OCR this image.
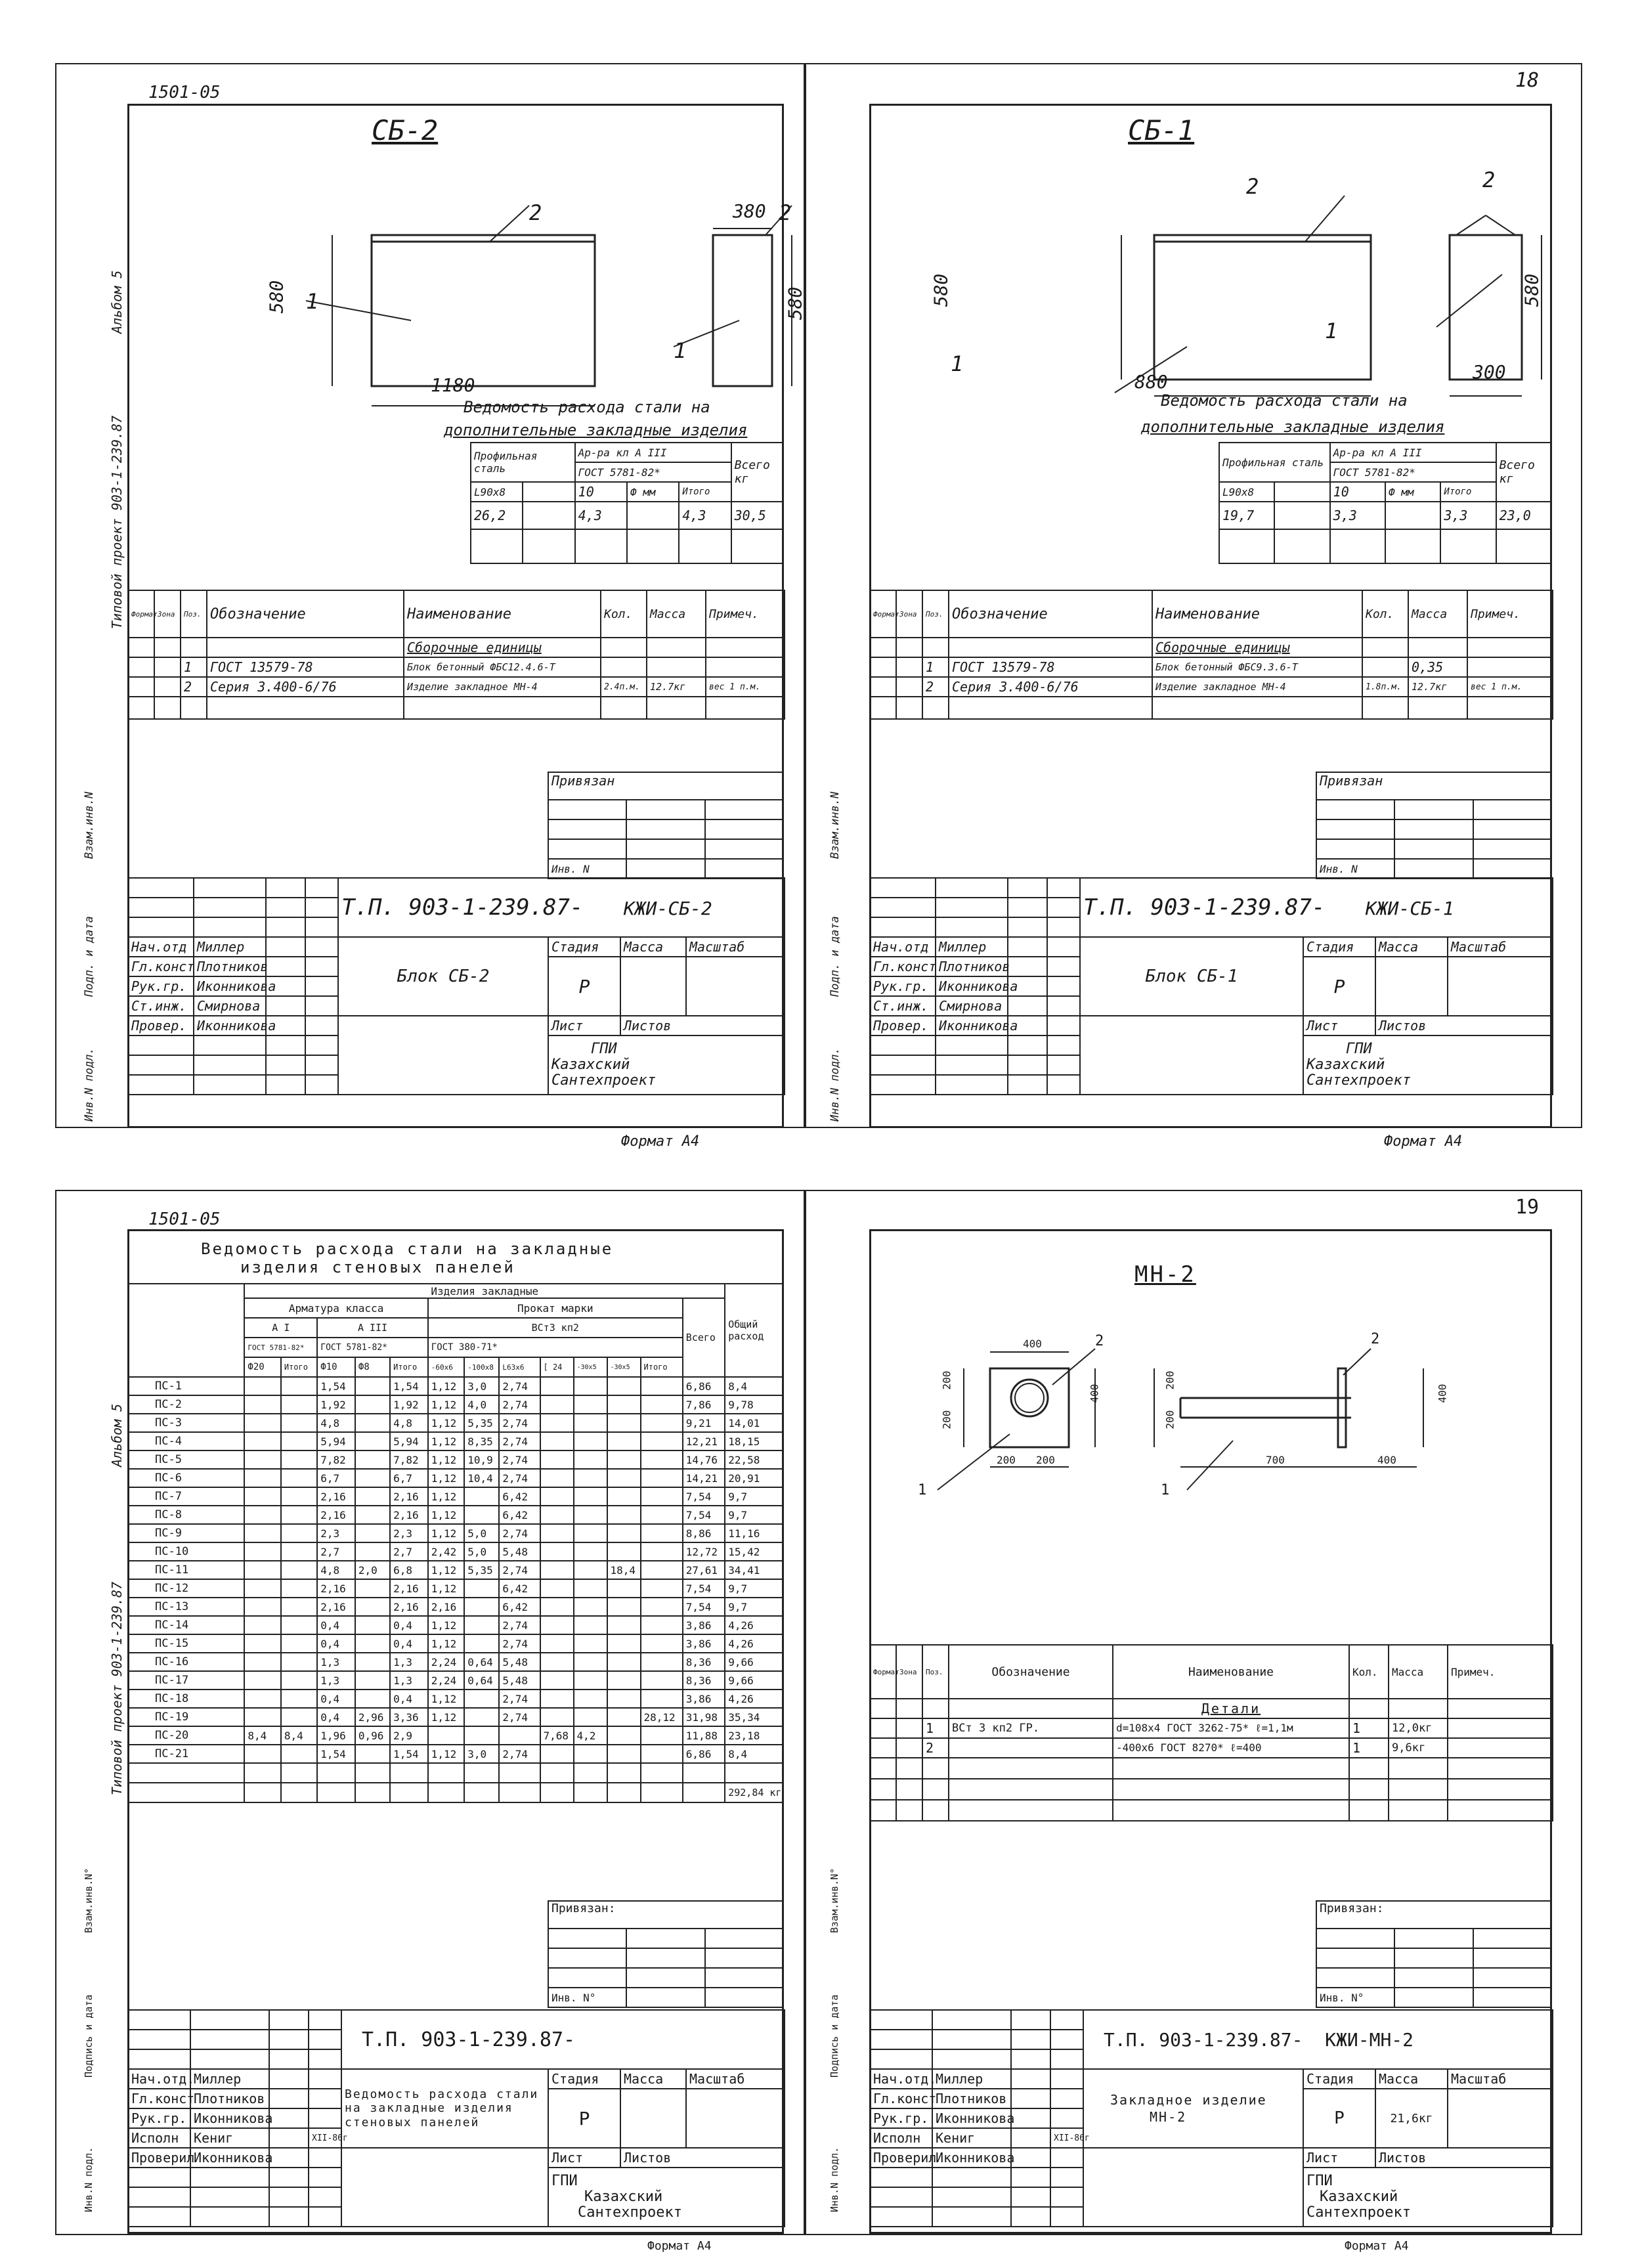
1501-05
Альбом 5
Типовой проект 903-1-239.87
СБ-2
580
380
580
1180
1
2
1
2
Ведомость расхода стали на
дополнительные закладные изделия
Профильная сталь		Ар-ра кл А III			Всего кг
		ГОСТ 5781-82*			
L90x8		10	Ф мм	Итого	
26,2		4,3		4,3	30,5

Формат	Зона	Поз.	Обозначение	Наименование	Кол.	Масса	Примеч.
				Сборочные единицы			
		1	ГОСТ 13579-78	Блок бетонный ФБС12.4.6-Т			
		2	Серия 3.400-6/76	Изделие закладное МН-4	2.4п.м.	12.7кг	вес 1 п.м.

Привязан		

Инв. N		
Взам.инв.N
Подп. и дата
Инв.N подл.
				Т.П. 903-1-239.87- КЖИ-СБ-2			

Нач.отд	Миллер			Блок СБ-2	Стадия	Масса	Масштаб
Гл.конст	Плотников				Р		
Рук.гр.	Иконникова						
Ст.инж.	Смирнова						
Провер.	Иконникова				Лист	Листов	

					ГПИ
Казахский
Сантехпроект		

Формат А4
18
СБ-1
580	580
880	300
1
2
1
2
Ведомость расхода стали на
дополнительные закладные изделия
Профильная сталь		Ар-ра кл А III			Всего кг
		ГОСТ 5781-82*			
L90x8		10	Ф мм	Итого	
19,7		3,3		3,3	23,0

Формат	Зона	Поз.	Обозначение	Наименование	Кол.	Масса	Примеч.
				Сборочные единицы			
		1	ГОСТ 13579-78	Блок бетонный ФБС9.3.6-Т		0,35	
		2	Серия 3.400-6/76	Изделие закладное МН-4	1.8п.м.	12.7кг	вес 1 п.м.

Привязан		

Инв. N		
Взам.инв.N
Подп. и дата
Инв.N подл.
				Т.П. 903-1-239.87- КЖИ-СБ-1			

Нач.отд	Миллер			Блок СБ-1	Стадия	Масса	Масштаб
Гл.конст	Плотников				Р		
Рук.гр.	Иконникова						
Ст.инж.	Смирнова						
Провер.	Иконникова				Лист	Листов	

					ГПИ
Казахский
Сантехпроект		

Формат А4
1501-05
Альбом 5
Типовой проект 903-1-239.87
Ведомость расхода стали на закладные
изделия стеновых панелей
	Изделия закладные													Общий расход
	Арматура класса					Прокат марки							Всего	
	А I		А III			ВСт3 кп2								
	ГОСТ 5781-82*		ГОСТ 5781-82*			ГОСТ 380-71*								
	Ф20	Итого	Ф10	Ф8	Итого	-60x6	-100x8	L63x6	[ 24	-30x5	-30x5	Итого		
ПС-1			1,54		1,54	1,12	3,0	2,74					6,86	8,4
ПС-2			1,92		1,92	1,12	4,0	2,74					7,86	9,78
ПС-3			4,8		4,8	1,12	5,35	2,74					9,21	14,01
ПС-4			5,94		5,94	1,12	8,35	2,74					12,21	18,15
ПС-5			7,82		7,82	1,12	10,9	2,74					14,76	22,58
ПС-6			6,7		6,7	1,12	10,4	2,74					14,21	20,91
ПС-7			2,16		2,16	1,12		6,42					7,54	9,7
ПС-8			2,16		2,16	1,12		6,42					7,54	9,7
ПС-9			2,3		2,3	1,12	5,0	2,74					8,86	11,16
ПС-10			2,7		2,7	2,42	5,0	5,48					12,72	15,42
ПС-11			4,8	2,0	6,8	1,12	5,35	2,74			18,4		27,61	34,41
ПС-12			2,16		2,16	1,12		6,42					7,54	9,7
ПС-13			2,16		2,16	2,16		6,42					7,54	9,7
ПС-14			0,4		0,4	1,12		2,74					3,86	4,26
ПС-15			0,4		0,4	1,12		2,74					3,86	4,26
ПС-16			1,3		1,3	2,24	0,64	5,48					8,36	9,66
ПС-17			1,3		1,3	2,24	0,64	5,48					8,36	9,66
ПС-18			0,4		0,4	1,12		2,74					3,86	4,26
ПС-19			0,4	2,96	3,36	1,12		2,74				28,12	31,98	35,34
ПС-20	8,4	8,4	1,96	0,96	2,9				7,68	4,2			11,88	23,18
ПС-21			1,54		1,54	1,12	3,0	2,74					6,86	8,4

														292,84 кг
Привязан:		

Инв. N°		
Взам.инв.N°
Подпись и дата
Инв.N подл.
				Т.П. 903-1-239.87-			

Нач.отд.	Миллер			Ведомость расхода стали
на закладные изделия
стеновых панелей	Стадия	Масса	Масштаб
Гл.конст	Плотников				Р		
Рук.гр.	Иконникова						
Исполн	Кениг		XII-86г				
Проверил	Иконникова				Лист	Листов	

					ГПИ
Казахский
Сантехпроект		

Формат А4
19
МН-2
400
200 200
200
200
400
700	400
400
200
200
1
2
1
2
Формат	Зона	Поз.	Обозначение	Наименование	Кол.	Масса	Примеч.
				Детали			
		1	ВСт 3 кп2 ГР.	d=108x4 ГОСТ 3262-75* ℓ=1,1м	1	12,0кг	
		2		-400x6 ГОСТ 8270* ℓ=400	1	9,6кг	

Привязан:		

Инв. N°		
Взам.инв.N°
Подпись и дата
Инв.N подл.
				Т.П. 903-1-239.87- КЖИ-МН-2			

Нач.отд.	Миллер			Закладное изделие
МН-2	Стадия	Масса	Масштаб
Гл.конст	Плотников				Р	21,6кг	
Рук.гр.	Иконникова						
Исполн	Кениг		XII-86г				
Проверил	Иконникова				Лист	Листов	

					ГПИ
Казахский
Сантехпроект		

Формат А4
